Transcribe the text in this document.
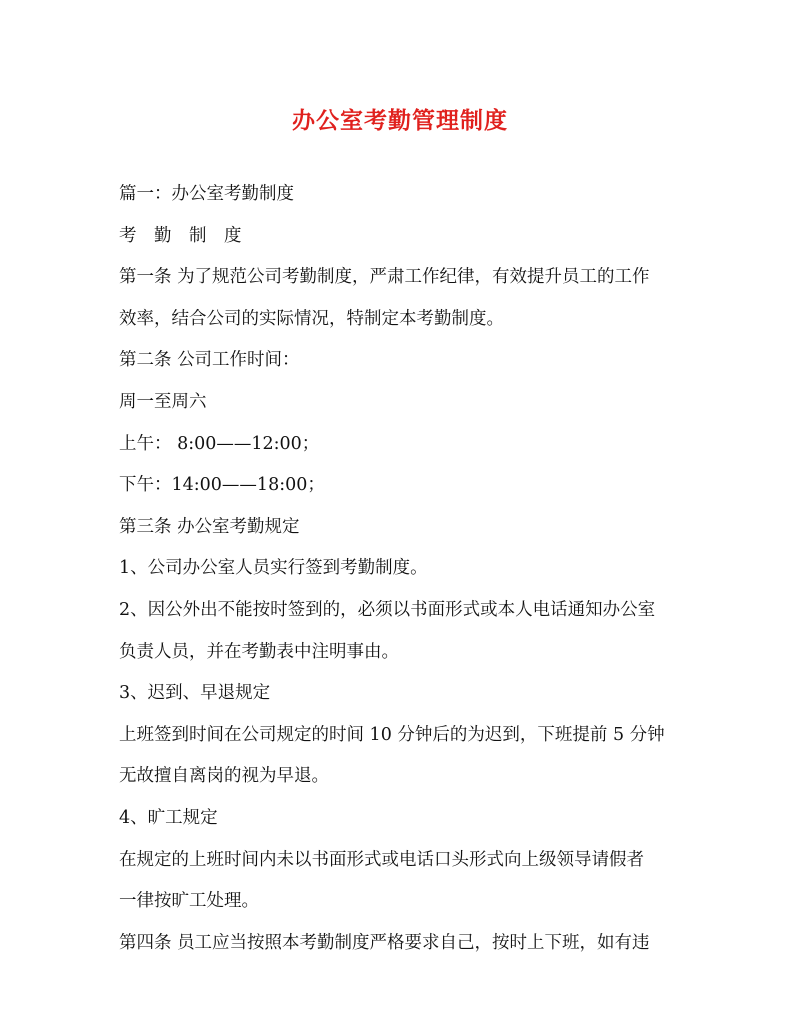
办公室考勤管理制度
篇一：办公室考勤制度
考　勤　制　度
第一条 为了规范公司考勤制度，严肃工作纪律，有效提升员工的工作
效率，结合公司的实际情况，特制定本考勤制度。
第二条 公司工作时间：
周一至周六
上午： 8:00——12:00；
下午：14:00——18:00；
第三条 办公室考勤规定
1、公司办公室人员实行签到考勤制度。
2、因公外出不能按时签到的，必须以书面形式或本人电话通知办公室
负责人员，并在考勤表中注明事由。
3、迟到、早退规定
上班签到时间在公司规定的时间 10 分钟后的为迟到，下班提前 5 分钟
无故擅自离岗的视为早退。
4、旷工规定
在规定的上班时间内未以书面形式或电话口头形式向上级领导请假者
一律按旷工处理。
第四条 员工应当按照本考勤制度严格要求自己，按时上下班，如有违
